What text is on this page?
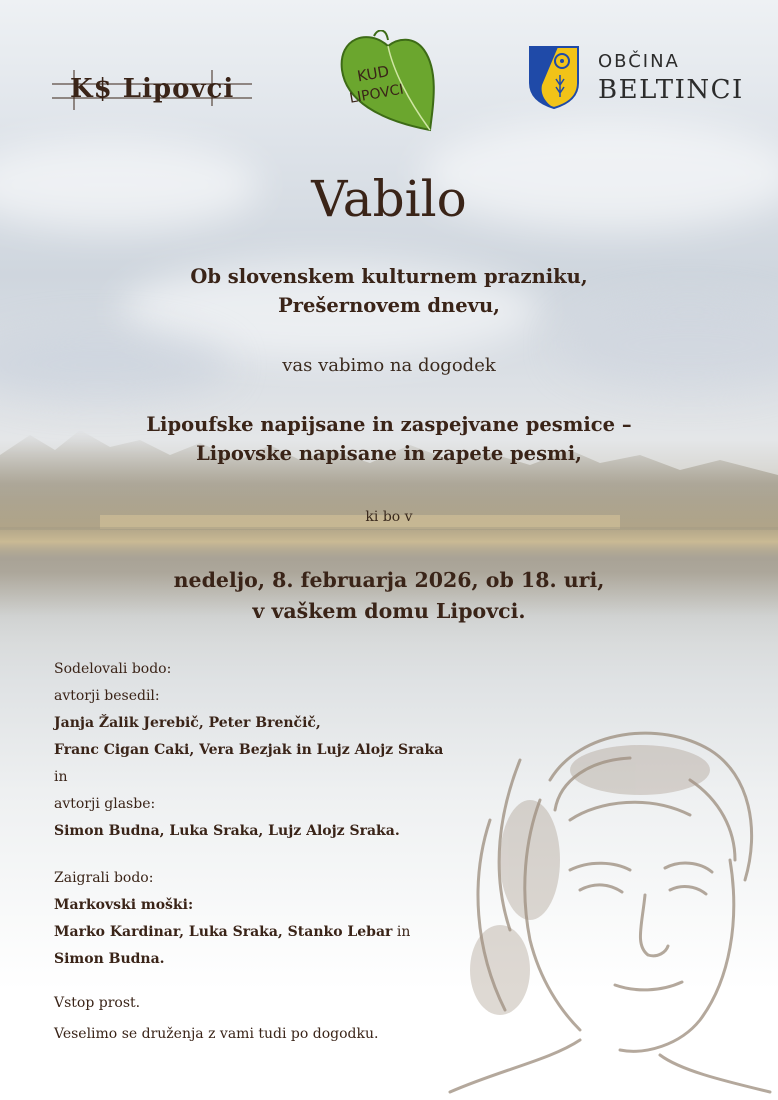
K$ Lipovci
KUD
LIPOVCI
OBČINA
BELTINCI
Vabilo
Ob slovenskem kulturnem prazniku,
Prešernovem dnevu,
vas vabimo na dogodek
Lipoufske napijsane in zaspejvane pesmice –
Lipovske napisane in zapete pesmi,
ki bo v
nedeljo, 8. februarja 2026, ob 18. uri,
v vaškem domu Lipovci.
Sodelovali bodo:
avtorji besedil:
Janja Žalik Jerebič, Peter Brenčič,
Franc Cigan Caki, Vera Bezjak in Lujz Alojz Sraka
in
avtorji glasbe:
Simon Budna, Luka Sraka, Lujz Alojz Sraka.
Zaigrali bodo:
Markovski moški:
Marko Kardinar, Luka Sraka, Stanko Lebar in
Simon Budna.
Vstop prost.
Veselimo se druženja z vami tudi po dogodku.
